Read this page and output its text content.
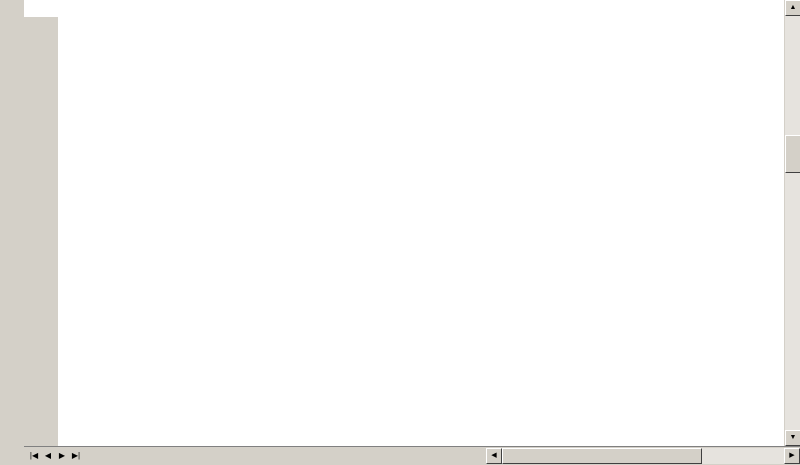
▲
▼
|◀ ◀ ▶ ▶|	◀	▶
